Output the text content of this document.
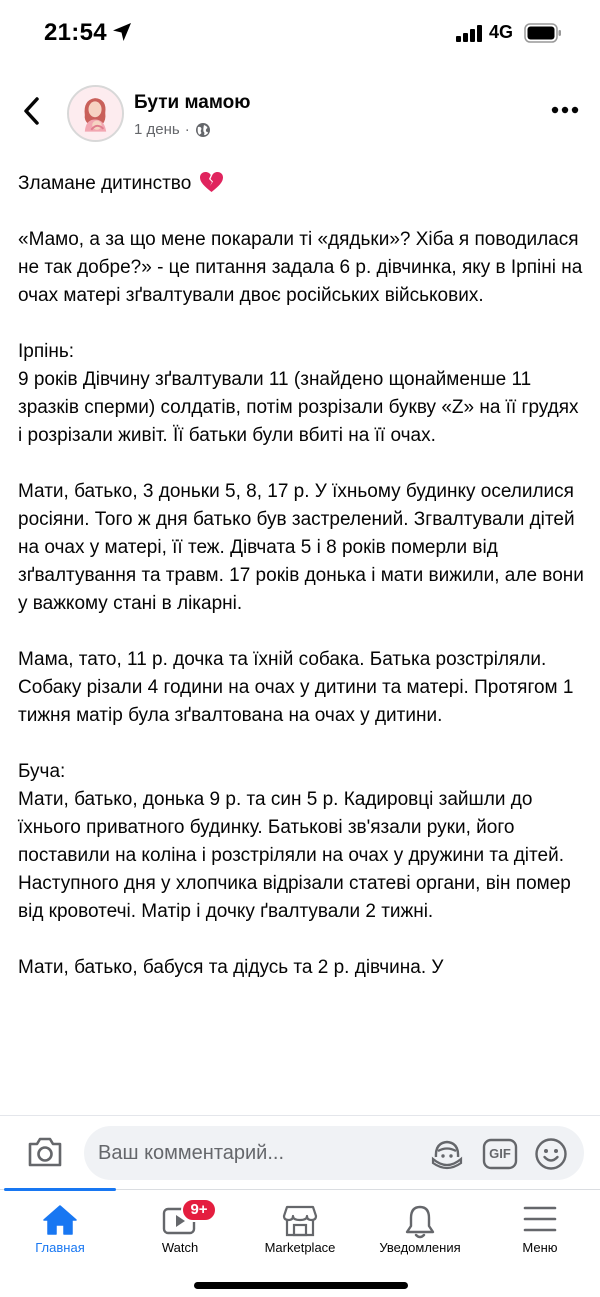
21:54	4G
Бути мамою
1 день ·

Зламане дитинство

«Мамо, а за що мене покарали ті «дядьки»? Хіба я поводилася не так добре?» - це питання задала 6 р. дівчинка, яку в Ірпіні на очах матері зґвалтували двоє російських військових.

Ірпінь:
9 років Дівчину зґвалтували 11 (знайдено щонайменше 11 зразків сперми) солдатів, потім розрізали букву «Z» на її грудях і розрізали живіт. Її батьки були вбиті на її очах.

Мати, батько, 3 доньки 5, 8, 17 р. У їхньому будинку оселилися росіяни. Того ж дня батько був застрелений. Згвалтували дітей на очах у матері, її теж. Дівчата 5 і 8 років померли від зґвалтування та травм. 17 років донька і мати вижили, але вони у важкому стані в лікарні.

Мама, тато, 11 р. дочка та їхній собака. Батька розстріляли. Собаку різали 4 години на очах у дитини та матері. Протягом 1 тижня матір була зґвалтована на очах у дитини.

Буча:
Мати, батько, донька 9 р. та син 5 р. Кадировці зайшли до їхнього приватного будинку. Батькові зв'язали руки, його поставили на коліна і розстріляли на очах у дружини та дітей. Наступного дня у хлопчика відрізали статеві органи, він помер від кровотечі. Матір і дочку ґвалтували 2 тижні.

Мати, батько, бабуся та дідусь та 2 р. дівчина. У

Ваш комментарий...
GIF
Главная
9+
Watch	Marketplace	Уведомления	Меню
